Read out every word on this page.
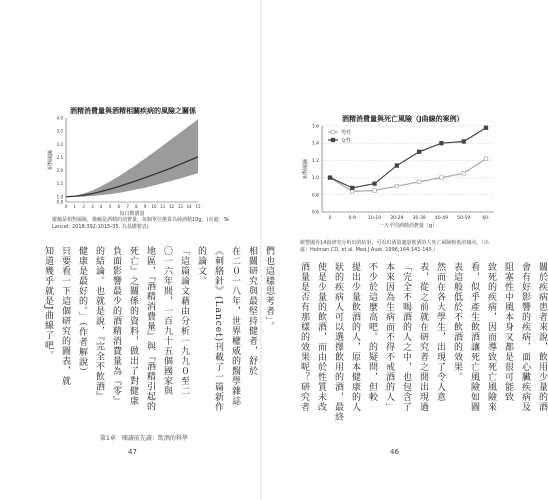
酒精消費量與酒精相關疾病的風險之關係
0.8
1.0
1.5
2.0
2.5
3.0
3.5
4.0
0 1 2 3 4 5 6 7 8 9 10 11 12 13 14 15
相對風險
每日飲酒量
縱軸是相對風險，橫軸是酒精的消費量，每個單位換算為純酒精10g。(出處：Ta
Lancet, 2018;392:1015-35. 為基礎製表)
們也這樣思考者」。
相關研究與最堅持健者，舒於
在二０一八年，世界權威的醫學雜誌
《刺胳針》(Lancet)刊載了一篇新作
的論文。
「這篇論文藉由分析一九九０至二
〇一六年間，一百九十五個國家與
地區，『酒精消費量』與『酒精引起的
死亡』之關係的資料，做出了對健康
負面影響最少的酒精消費量為『零』
的結論。也就是說，『完全不飲酒』
健康是最好的。」（作者解說）
只要看一下這個研究的圖表，就
知道幾乎就是J曲線了吧。
第1章　閱讀前先讀：飲酒的科學
47
酒精消費量與死亡風險（J曲線的案例）
0.6
0.8
1.0
1.2
1.4
1.6
0	0-9	10-19 20-29 30-39 40-49 50-59	60-
男性
女性
相對風險
一天平均酒精消費量（g）
統整國外14篇研究分析出的結果，可看出酒量適量飲酒的人死亡風險較低的傾向。（出
處：Holman CD, et al. Med J Aust. 1996;164:141-145.）
關於疾病患者來說，飲用少量的酒
會有好影響的疾病，面心臟疾病及
阻塞性中風本身又都是很可能致
致死的疾病，因而導致死亡風險來
看，似乎產生飲酒讓死亡風險如圖
表這般低於不飲酒的效果。
然而在各大學生，出現了令人意
表，從之前就在研究者之間出現過
「完全不喝酒的人之中，也包含了
本來因為生病而不得不戒酒的人」
不少於這麼高吧。的疑問，但較
提出少量飲酒的人，原本健康的人
狀的疾病人可以選擇飲用的酒，最終
使是少量的飲酒，而由於性質未改
酒量是否有那樣的效果呢？研究者
46
